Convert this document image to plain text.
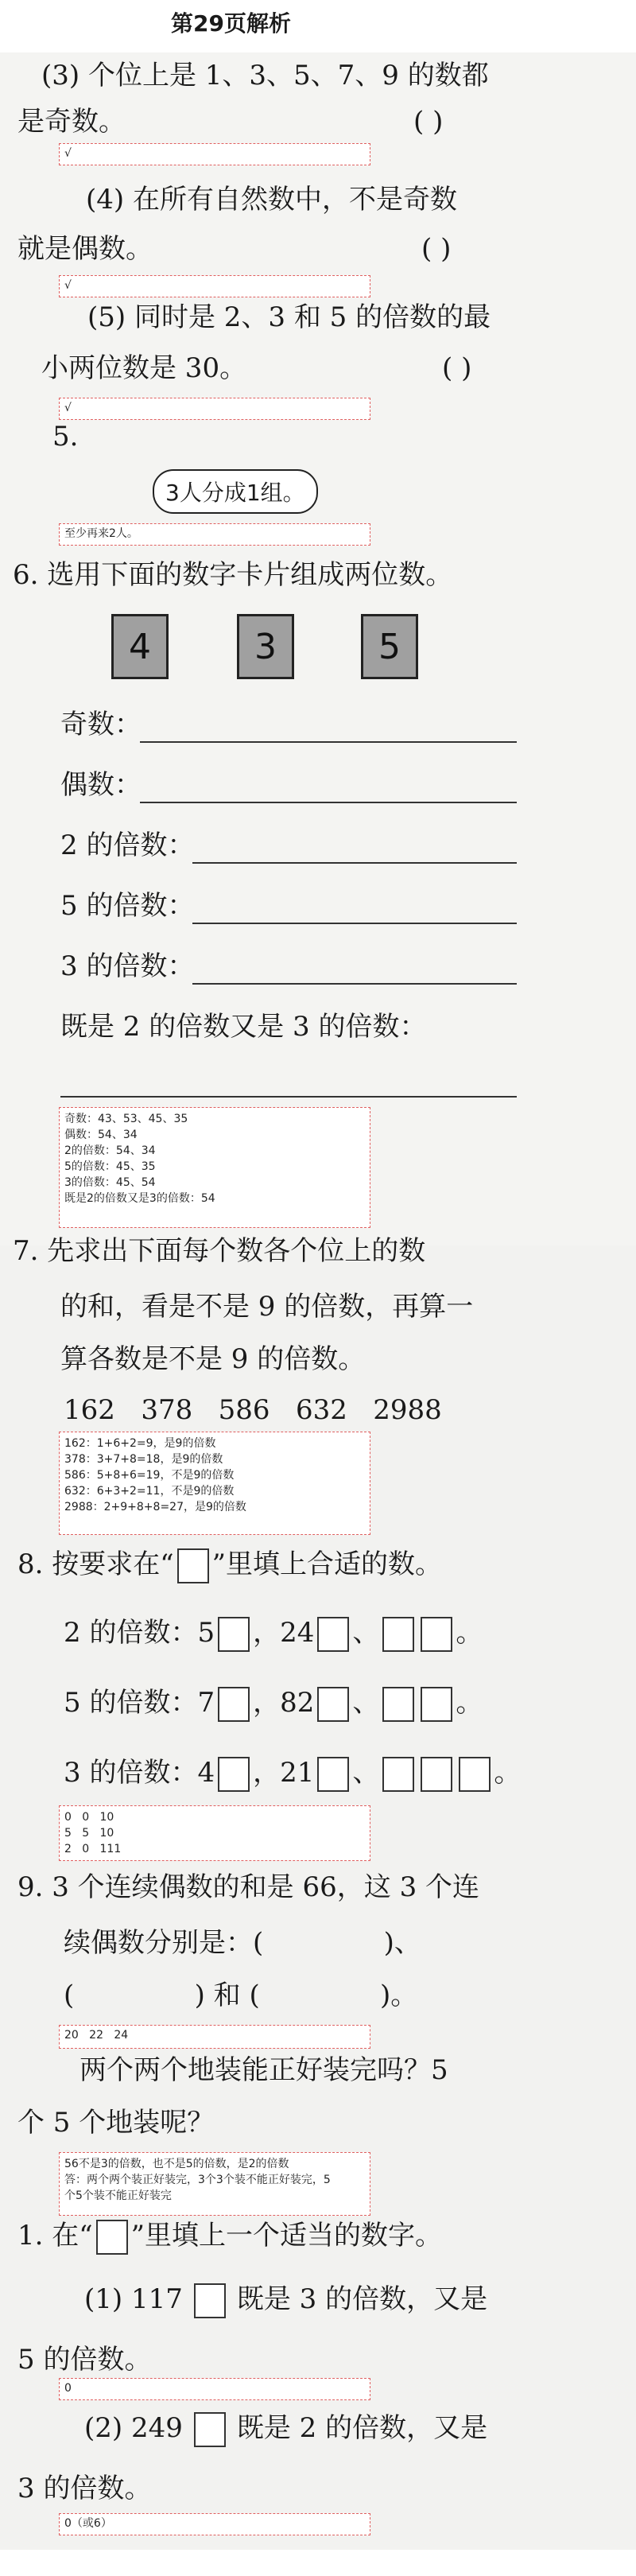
第29页解析
(3) 个位上是 1、3、5、7、9 的数都
是奇数。	( )
√
(4) 在所有自然数中，不是奇数
就是偶数。	( )
√
(5) 同时是 2、3 和 5 的倍数的最
小两位数是 30。	( )
√
5.
3人分成1组。
至少再来2人。
6. 选用下面的数字卡片组成两位数。
4	3	5
奇数：
偶数：
2 的倍数：
5 的倍数：
3 的倍数：
既是 2 的倍数又是 3 的倍数：
奇数：43、53、45、35
偶数：54、34
2的倍数：54、34
5的倍数：45、35
3的倍数：45、54
既是2的倍数又是3的倍数：54
7. 先求出下面每个数各个位上的数
的和，看是不是 9 的倍数，再算一
算各数是不是 9 的倍数。
162   378   586   632   2988
162：1+6+2=9，是9的倍数
378：3+7+8=18，是9的倍数
586：5+8+6=19，不是9的倍数
632：6+3+2=11，不是9的倍数
2988：2+9+8+8=27，是9的倍数
8. 按要求在“ ”里填上合适的数。
2 的倍数：5 ，24 、	。
5 的倍数：7 ，82 、	。
3 的倍数：4 ，21 、	。
0   0   10
5   5   10
2   0   111
9. 3 个连续偶数的和是 66，这 3 个连
续偶数分别是：(              )、
(              ) 和 (              )。
20   22   24
两个两个地装能正好装完吗？5
个 5 个地装呢？
56不是3的倍数，也不是5的倍数，是2的倍数
答：两个两个装正好装完，3个3个装不能正好装完，5
个5个装不能正好装完
1. 在“ ”里填上一个适当的数字。
(1) 117 既是 3 的倍数，又是
5 的倍数。
0
(2) 249 既是 2 的倍数，又是
3 的倍数。
0（或6）
